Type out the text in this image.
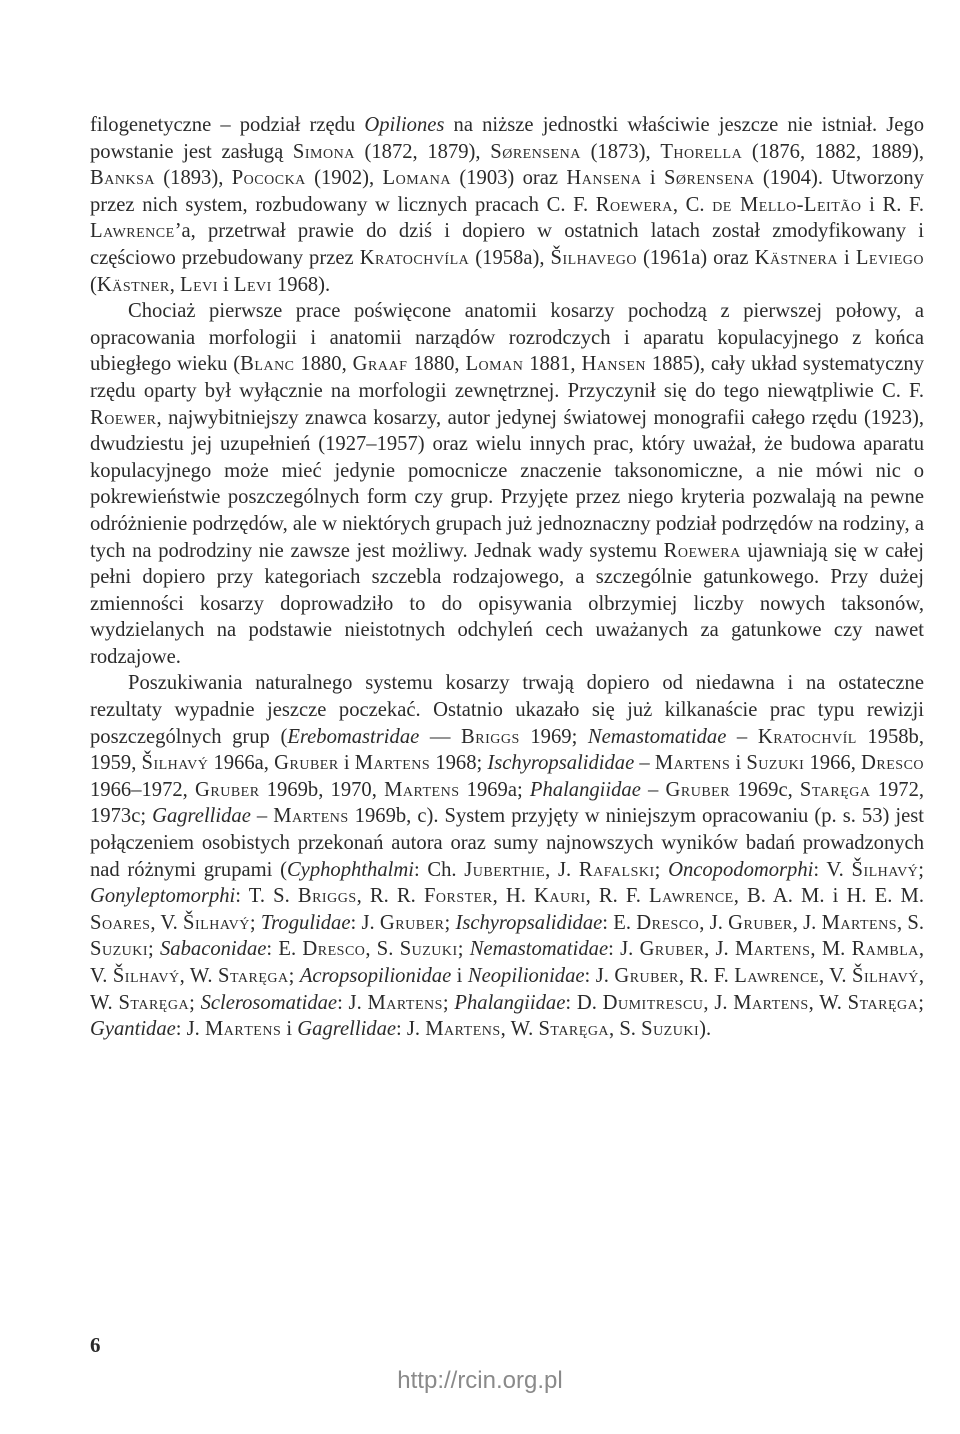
filogenetyczne – podział rzędu Opiliones na niższe jednostki właściwie jeszcze nie istniał. Jego powstanie jest zasługą Simona (1872, 1879), Sørensena (1873), Thorella (1876, 1882, 1889), Banksa (1893), Pococka (1902), Lomana (1903) oraz Hansena i Sørensena (1904). Utworzony przez nich system, rozbudowany w licznych pracach C. F. Roewera, C. de Mello-Leitão i R. F. Lawrence’a, przetrwał prawie do dziś i dopiero w ostatnich latach został zmodyfikowany i częściowo przebudowany przez Kratochvíla (1958a), Šilhavego (1961a) oraz Kästnera i Leviego (Kästner, Levi i Levi 1968).

Chociaż pierwsze prace poświęcone anatomii kosarzy pochodzą z pierwszej połowy, a opracowania morfologii i anatomii narządów rozrodczych i aparatu kopulacyjnego z końca ubiegłego wieku (Blanc 1880, Graaf 1880, Loman 1881, Hansen 1885), cały układ systematyczny rzędu oparty był wyłącznie na morfologii zewnętrznej. Przyczynił się do tego niewątpliwie C. F. Roewer, najwybitniejszy znawca kosarzy, autor jedynej światowej monografii całego rzędu (1923), dwudziestu jej uzupełnień (1927–1957) oraz wielu innych prac, który uważał, że budowa aparatu kopulacyjnego może mieć jedynie pomocnicze znaczenie taksonomiczne, a nie mówi nic o pokrewieństwie poszczególnych form czy grup. Przyjęte przez niego kryteria pozwalają na pewne odróżnienie podrzędów, ale w niektórych grupach już jednoznaczny podział podrzędów na rodziny, a tych na podrodziny nie zawsze jest możliwy. Jednak wady systemu Roewera ujawniają się w całej pełni dopiero przy kategoriach szczebla rodzajowego, a szczególnie gatunkowego. Przy dużej zmienności kosarzy doprowadziło to do opisywania olbrzymiej liczby nowych taksonów, wydzielanych na podstawie nieistotnych odchyleń cech uważanych za gatunkowe czy nawet rodzajowe.

Poszukiwania naturalnego systemu kosarzy trwają dopiero od niedawna i na ostateczne rezultaty wypadnie jeszcze poczekać. Ostatnio ukazało się już kilkanaście prac typu rewizji poszczególnych grup (Erebomastridae — Briggs 1969; Nemastomatidae – Kratochvíl 1958b, 1959, Šilhavý 1966a, Gruber i Martens 1968; Ischyropsalididae – Martens i Suzuki 1966, Dresco 1966–1972, Gruber 1969b, 1970, Martens 1969a; Phalangiidae – Gruber 1969c, Staręga 1972, 1973c; Gagrellidae – Martens 1969b, c). System przyjęty w niniejszym opracowaniu (p. s. 53) jest połączeniem osobistych przekonań autora oraz sumy najnowszych wyników badań prowadzonych nad różnymi grupami (Cyphophthalmi: Ch. Juberthie, J. Rafalski; Oncopodomorphi: V. Šilhavý; Gonyleptomorphi: T. S. Briggs, R. R. Forster, H. Kauri, R. F. Lawrence, B. A. M. i H. E. M. Soares, V. Šilhavý; Trogulidae: J. Gruber; Ischyropsalididae: E. Dresco, J. Gruber, J. Martens, S. Suzuki; Sabaconidae: E. Dresco, S. Suzuki; Nemastomatidae: J. Gruber, J. Martens, M. Rambla, V. Šilhavý, W. Staręga; Acropsopilionidae i Neopilionidae: J. Gruber, R. F. Lawrence, V. Šilhavý, W. Staręga; Sclerosomatidae: J. Martens; Phalangiidae: D. Dumitrescu, J. Martens, W. Staręga; Gyantidae: J. Martens i Gagrellidae: J. Martens, W. Staręga, S. Suzuki).

6
http://rcin.org.pl
